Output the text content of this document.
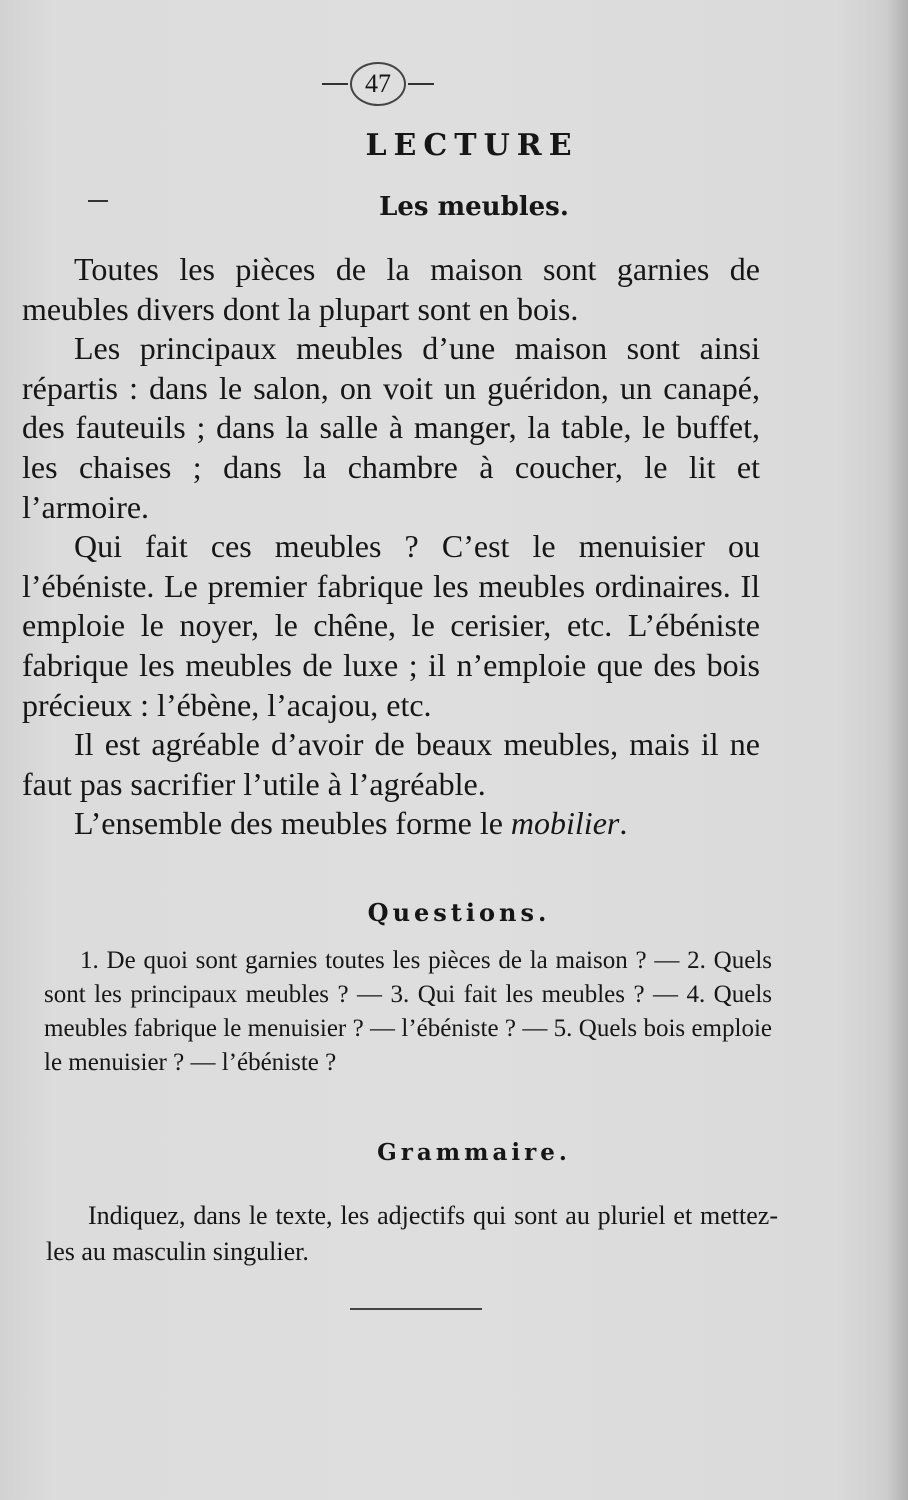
47
LECTURE
Les meubles.

Toutes les pièces de la maison sont garnies de meubles divers dont la plupart sont en bois.

Les principaux meubles d’une maison sont ainsi répartis : dans le salon, on voit un guéridon, un canapé, des fauteuils ; dans la salle à manger, la table, le buffet, les chaises ; dans la chambre à coucher, le lit et l’armoire.

Qui fait ces meubles ? C’est le menuisier ou l’ébéniste. Le premier fabrique les meubles ordinaires. Il emploie le noyer, le chêne, le cerisier, etc. L’ébéniste fabrique les meubles de luxe ; il n’emploie que des bois précieux : l’ébène, l’acajou, etc.

Il est agréable d’avoir de beaux meubles, mais il ne faut pas sacrifier l’utile à l’agréable.

L’ensemble des meubles forme le mobilier.

Questions.

1. De quoi sont garnies toutes les pièces de la maison ? — 2. Quels sont les principaux meubles ? — 3. Qui fait les meubles ? — 4. Quels meubles fabrique le menuisier ? — l’ébéniste ? — 5. Quels bois emploie le menuisier ? — l’ébéniste ?

Grammaire.

Indiquez, dans le texte, les adjectifs qui sont au pluriel et mettez-les au masculin singulier.
